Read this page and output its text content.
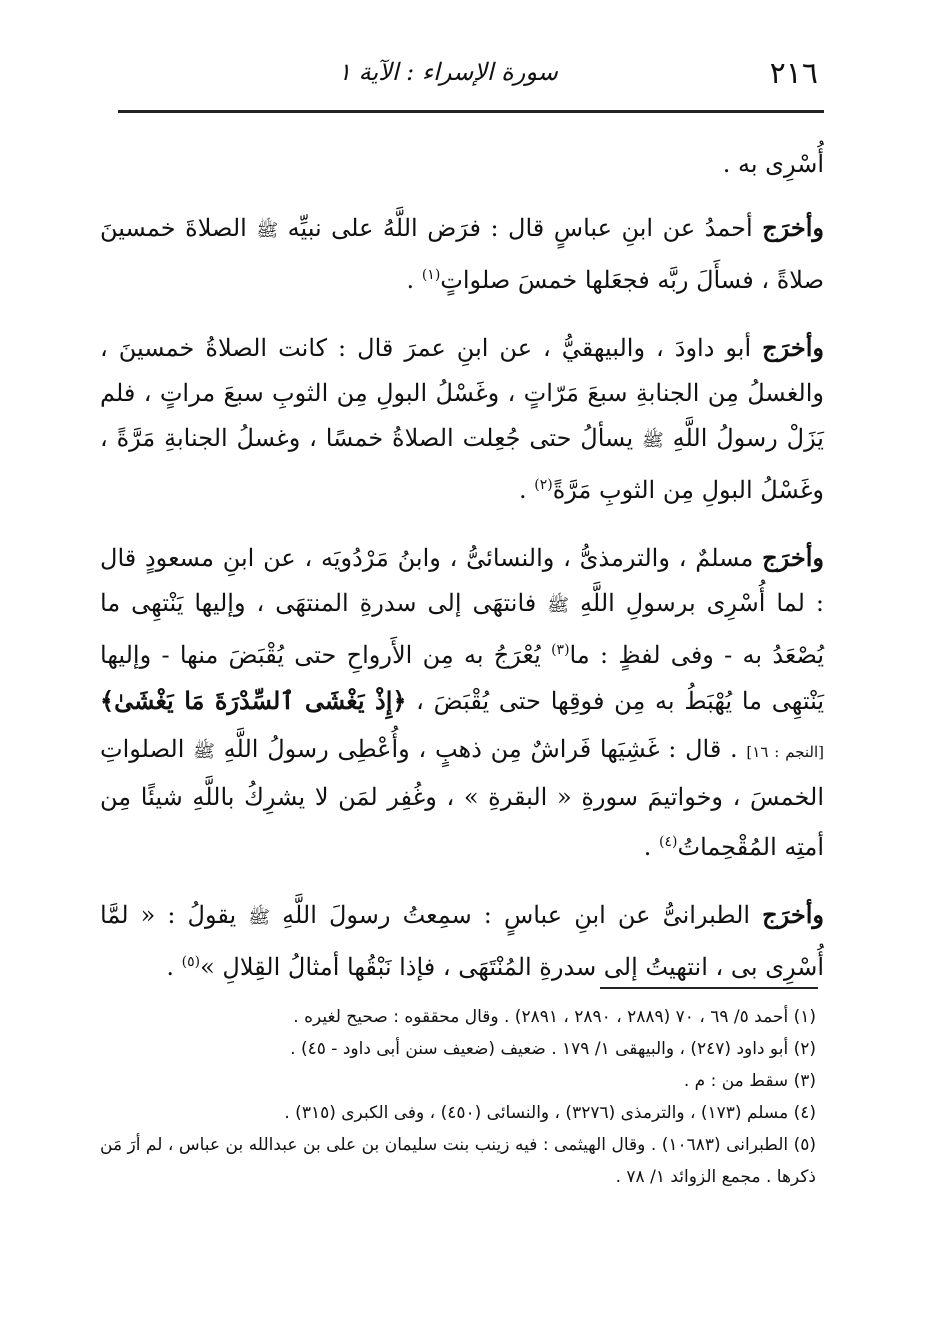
٢١٦
سورة الإسراء : الآية ١

أُسْرِى به .

وأخرَج أحمدُ عن ابنِ عباسٍ قال : فرَض اللَّهُ على نبيِّه ﷺ الصلاةَ خمسينَ صلاةً ، فسأَلَ ربَّه فجعَلها خمسَ صلواتٍ$^{(١)}$ .

وأخرَج أبو داودَ ، والبيهقيُّ ، عن ابنِ عمرَ قال : كانت الصلاةُ خمسينَ ، والغسلُ مِن الجنابةِ سبعَ مَرّاتٍ ، وغَسْلُ البولِ مِن الثوبِ سبعَ مراتٍ ، فلم يَزَلْ رسولُ اللَّهِ ﷺ يسألُ حتى جُعِلت الصلاةُ خمسًا ، وغسلُ الجنابةِ مَرَّةً ، وغَسْلُ البولِ مِن الثوبِ مَرَّةً$^{(٢)}$ .

وأخرَج مسلمٌ ، والترمذىُّ ، والنسائىُّ ، وابنُ مَرْدُويَه ، عن ابنِ مسعودٍ قال : لما أُسْرِى برسولِ اللَّهِ ﷺ فانتهَى إلى سدرةِ المنتهَى ، وإليها يَنْتهِى ما يُصْعَدُ به - وفى لفظٍ : ما$^{(٣)}$ يُعْرَجُ به مِن الأَرواحِ حتى يُقْبَضَ منها - وإليها يَنْتهِى ما يُهْبَطُ به مِن فوقِها حتى يُقْبَضَ ، ﴿إِذْ يَغْشَى ٱلسِّدْرَةَ مَا يَغْشَىٰ﴾ [النجم : ١٦] . قال : غَشِيَها فَراشٌ مِن ذهبٍ ، وأُعْطِى رسولُ اللَّهِ ﷺ الصلواتِ الخمسَ ، وخواتيمَ سورةِ « البقرةِ » ، وغُفِر لمَن لا يشرِكُ باللَّهِ شيئًا مِن أمتِه المُقْحِماتُ$^{(٤)}$ .

وأخرَج الطبرانىُّ عن ابنِ عباسٍ : سمِعتُ رسولَ اللَّهِ ﷺ يقولُ : « لمَّا أُسْرِى بى ، انتهيتُ إلى سدرةِ المُنْتَهَى ، فإذا نَبْقُها أمثالُ القِلالِ »$^{(٥)}$ .

(١) أحمد ٥/ ٦٩ ، ٧٠ (٢٨٨٩ ، ٢٨٩٠ ، ٢٨٩١) . وقال محققوه : صحيح لغيره .

(٢) أبو داود (٢٤٧) ، والبيهقى ١/ ١٧٩ . ضعيف (ضعيف سنن أبى داود - ٤٥) .

(٣) سقط من : م .

(٤) مسلم (١٧٣) ، والترمذى (٣٢٧٦) ، والنسائى (٤٥٠) ، وفى الكبرى (٣١٥) .

(٥) الطبرانى (١٠٦٨٣) . وقال الهيثمى : فيه زينب بنت سليمان بن على بن عبدالله بن عباس ، لم أرَ مَن ذكرها . مجمع الزوائد ١/ ٧٨ .
